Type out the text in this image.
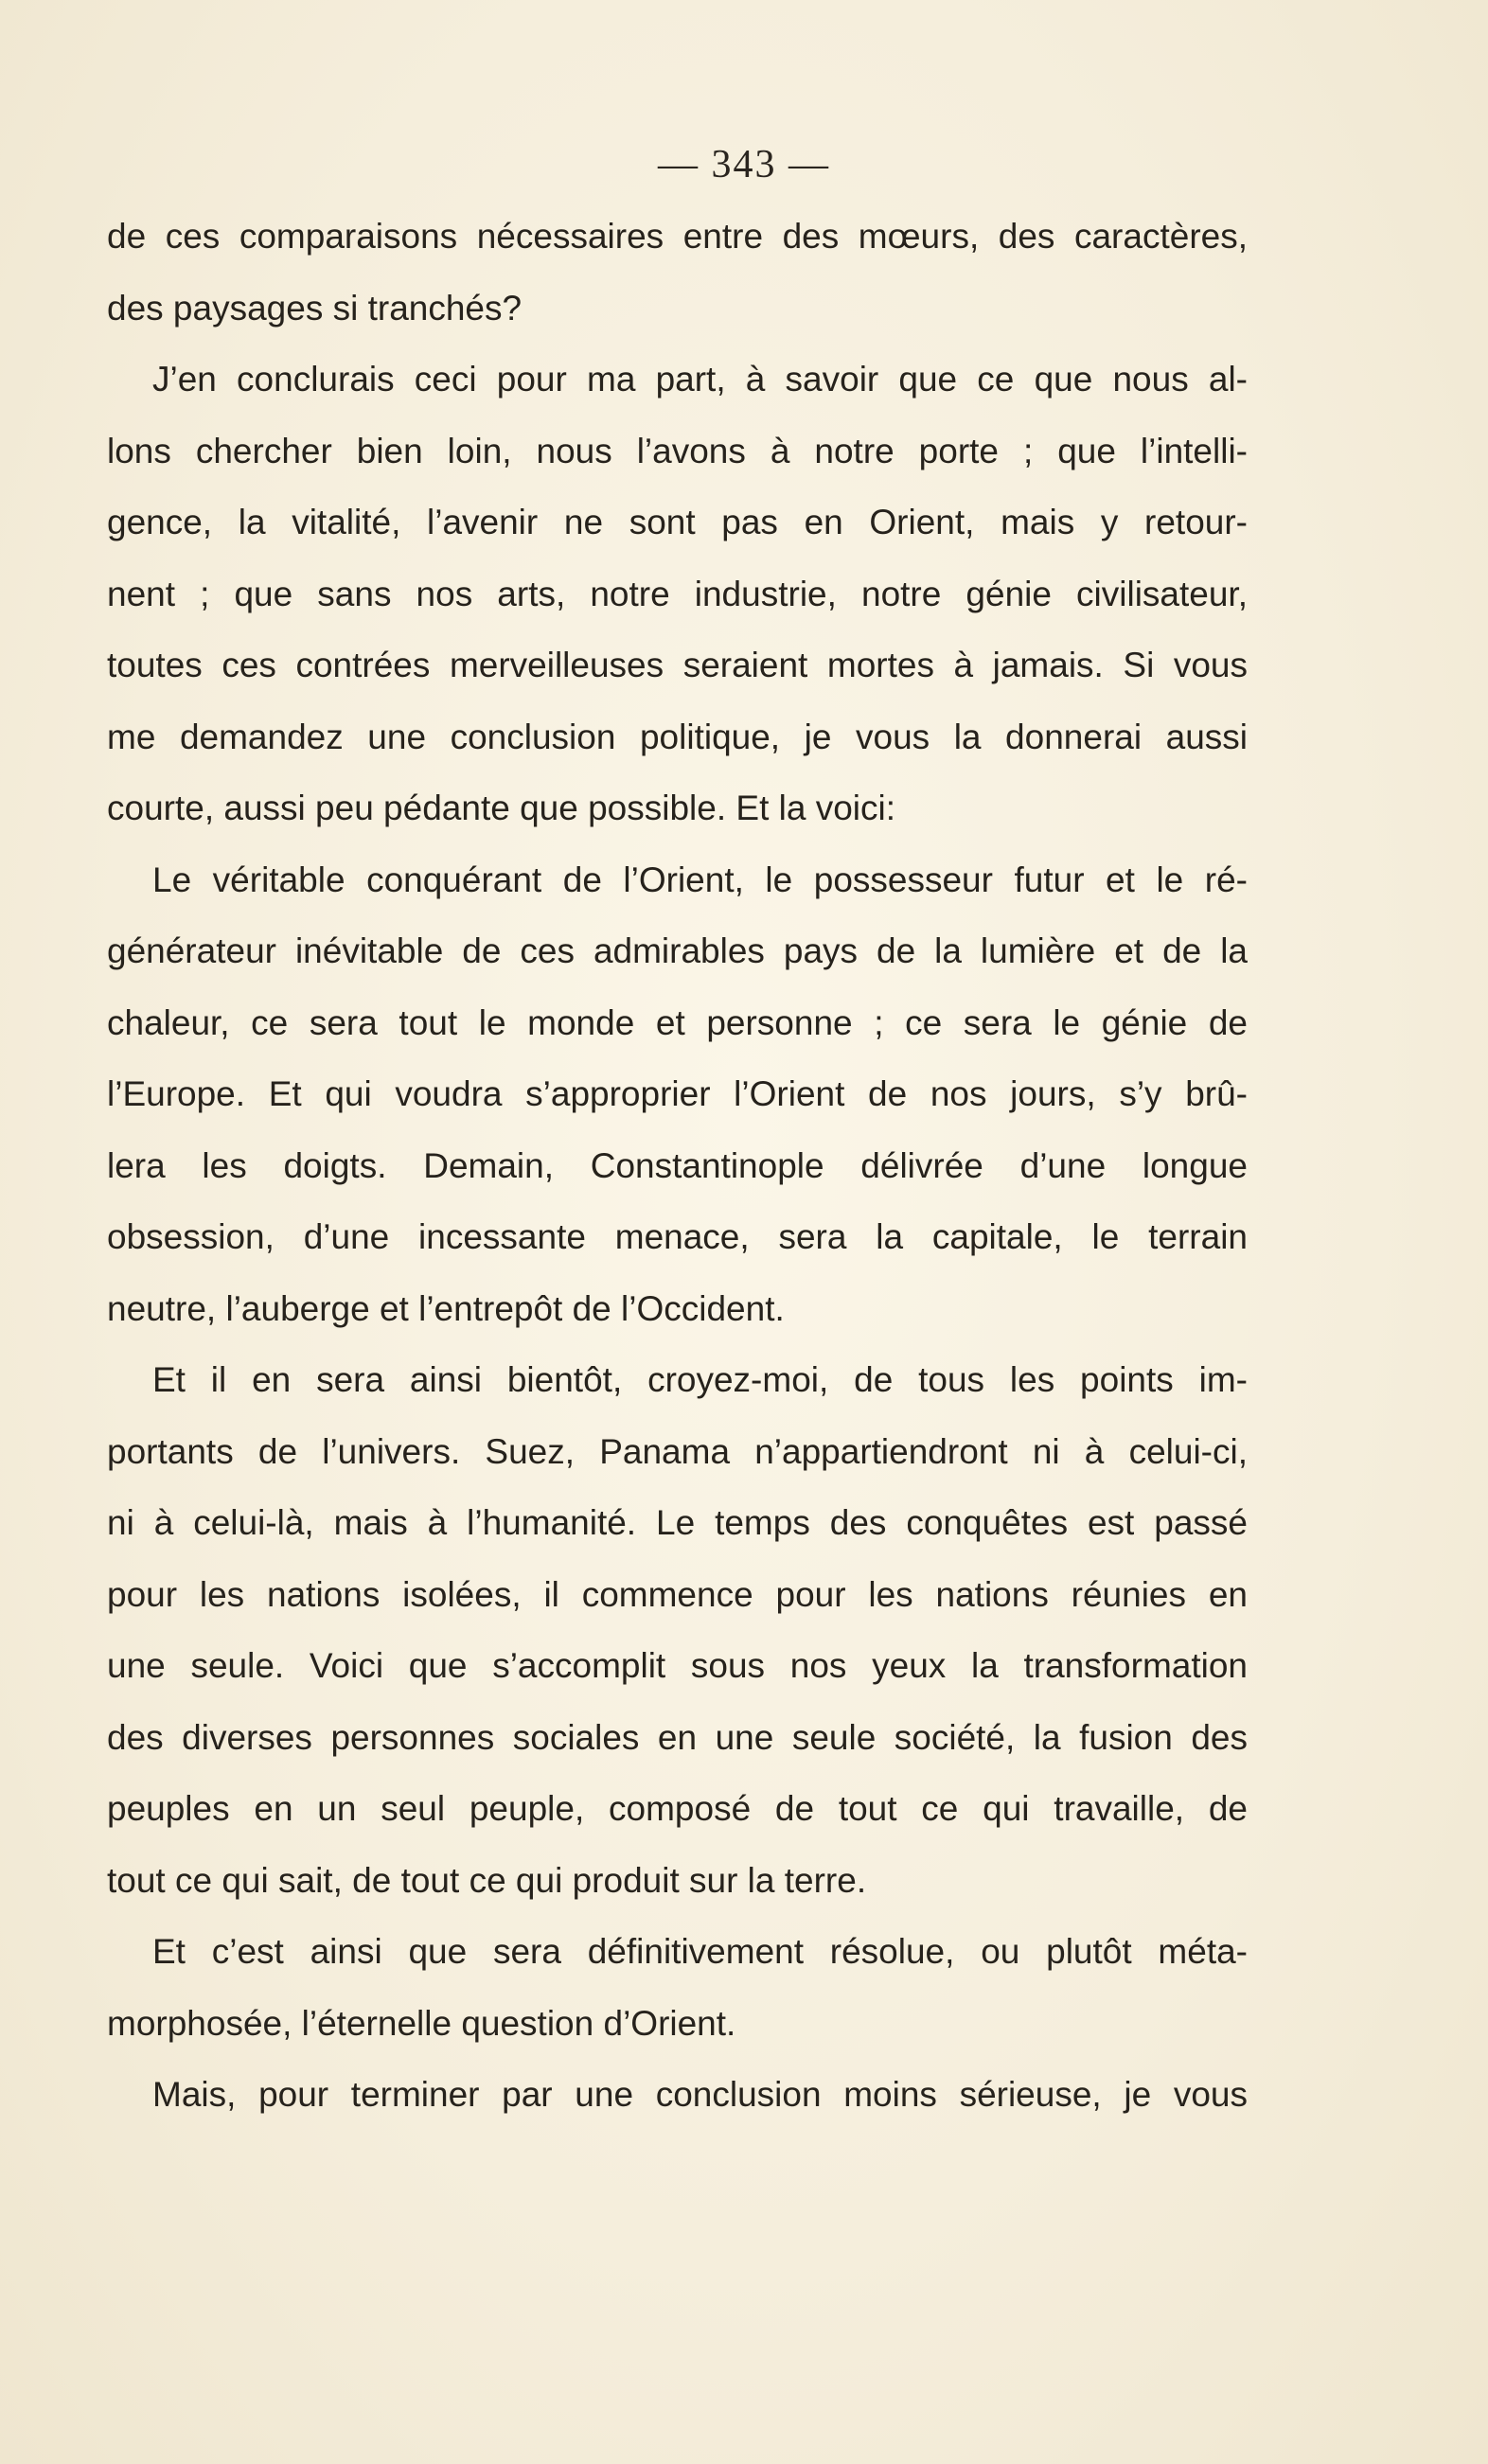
— 343 —
de ces comparaisons nécessaires entre des mœurs, des caractères,
des paysages si tranchés?
J’en conclurais ceci pour ma part, à savoir que ce que nous al-
lons chercher bien loin, nous l’avons à notre porte ; que l’intelli-
gence, la vitalité, l’avenir ne sont pas en Orient, mais y retour-
nent ; que sans nos arts, notre industrie, notre génie civilisateur,
toutes ces contrées merveilleuses seraient mortes à jamais. Si vous
me demandez une conclusion politique, je vous la donnerai aussi
courte, aussi peu pédante que possible. Et la voici:
Le véritable conquérant de l’Orient, le possesseur futur et le ré-
générateur inévitable de ces admirables pays de la lumière et de la
chaleur, ce sera tout le monde et personne ; ce sera le génie de
l’Europe. Et qui voudra s’approprier l’Orient de nos jours, s’y brû-
lera les doigts. Demain, Constantinople délivrée d’une longue
obsession, d’une incessante menace, sera la capitale, le terrain
neutre, l’auberge et l’entrepôt de l’Occident.
Et il en sera ainsi bientôt, croyez-moi, de tous les points im-
portants de l’univers. Suez, Panama n’appartiendront ni à celui-ci,
ni à celui-là, mais à l’humanité. Le temps des conquêtes est passé
pour les nations isolées, il commence pour les nations réunies en
une seule. Voici que s’accomplit sous nos yeux la transformation
des diverses personnes sociales en une seule société, la fusion des
peuples en un seul peuple, composé de tout ce qui travaille, de
tout ce qui sait, de tout ce qui produit sur la terre.
Et c’est ainsi que sera définitivement résolue, ou plutôt méta-
morphosée, l’éternelle question d’Orient.
Mais, pour terminer par une conclusion moins sérieuse, je vous
